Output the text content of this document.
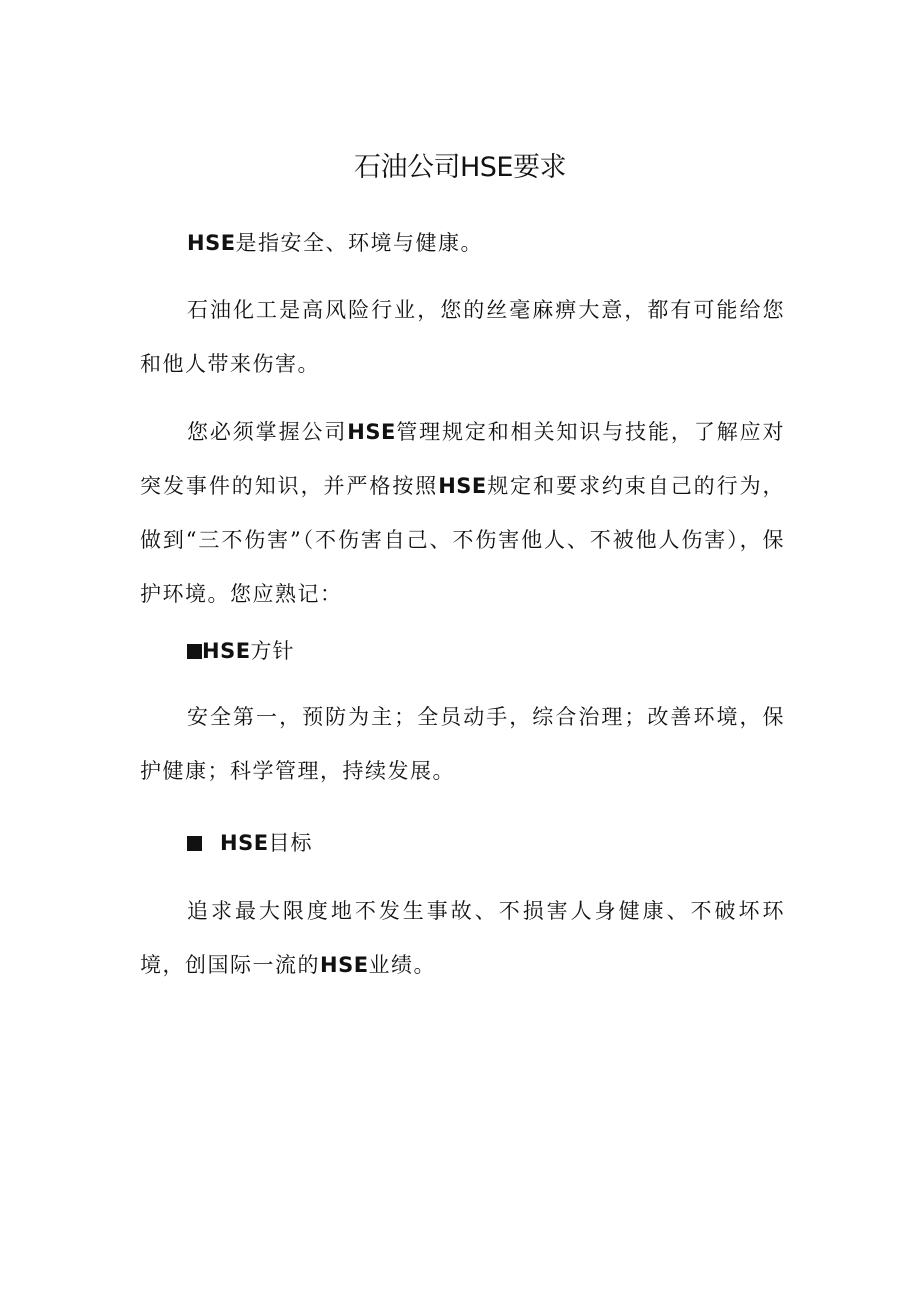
石油公司HSE要求

HSE是指安全、环境与健康。

石油化工是高风险行业，您的丝毫麻痹大意，都有可能给您和他人带来伤害。

您必须掌握公司HSE管理规定和相关知识与技能，了解应对突发事件的知识，并严格按照HSE规定和要求约束自己的行为，做到“三不伤害”（不伤害自己、不伤害他人、不被他人伤害），保护环境。您应熟记：

HSE方针

安全第一，预防为主；全员动手，综合治理；改善环境，保护健康；科学管理，持续发展。

HSE目标

追求最大限度地不发生事故、不损害人身健康、不破坏环境，创国际一流的HSE业绩。
